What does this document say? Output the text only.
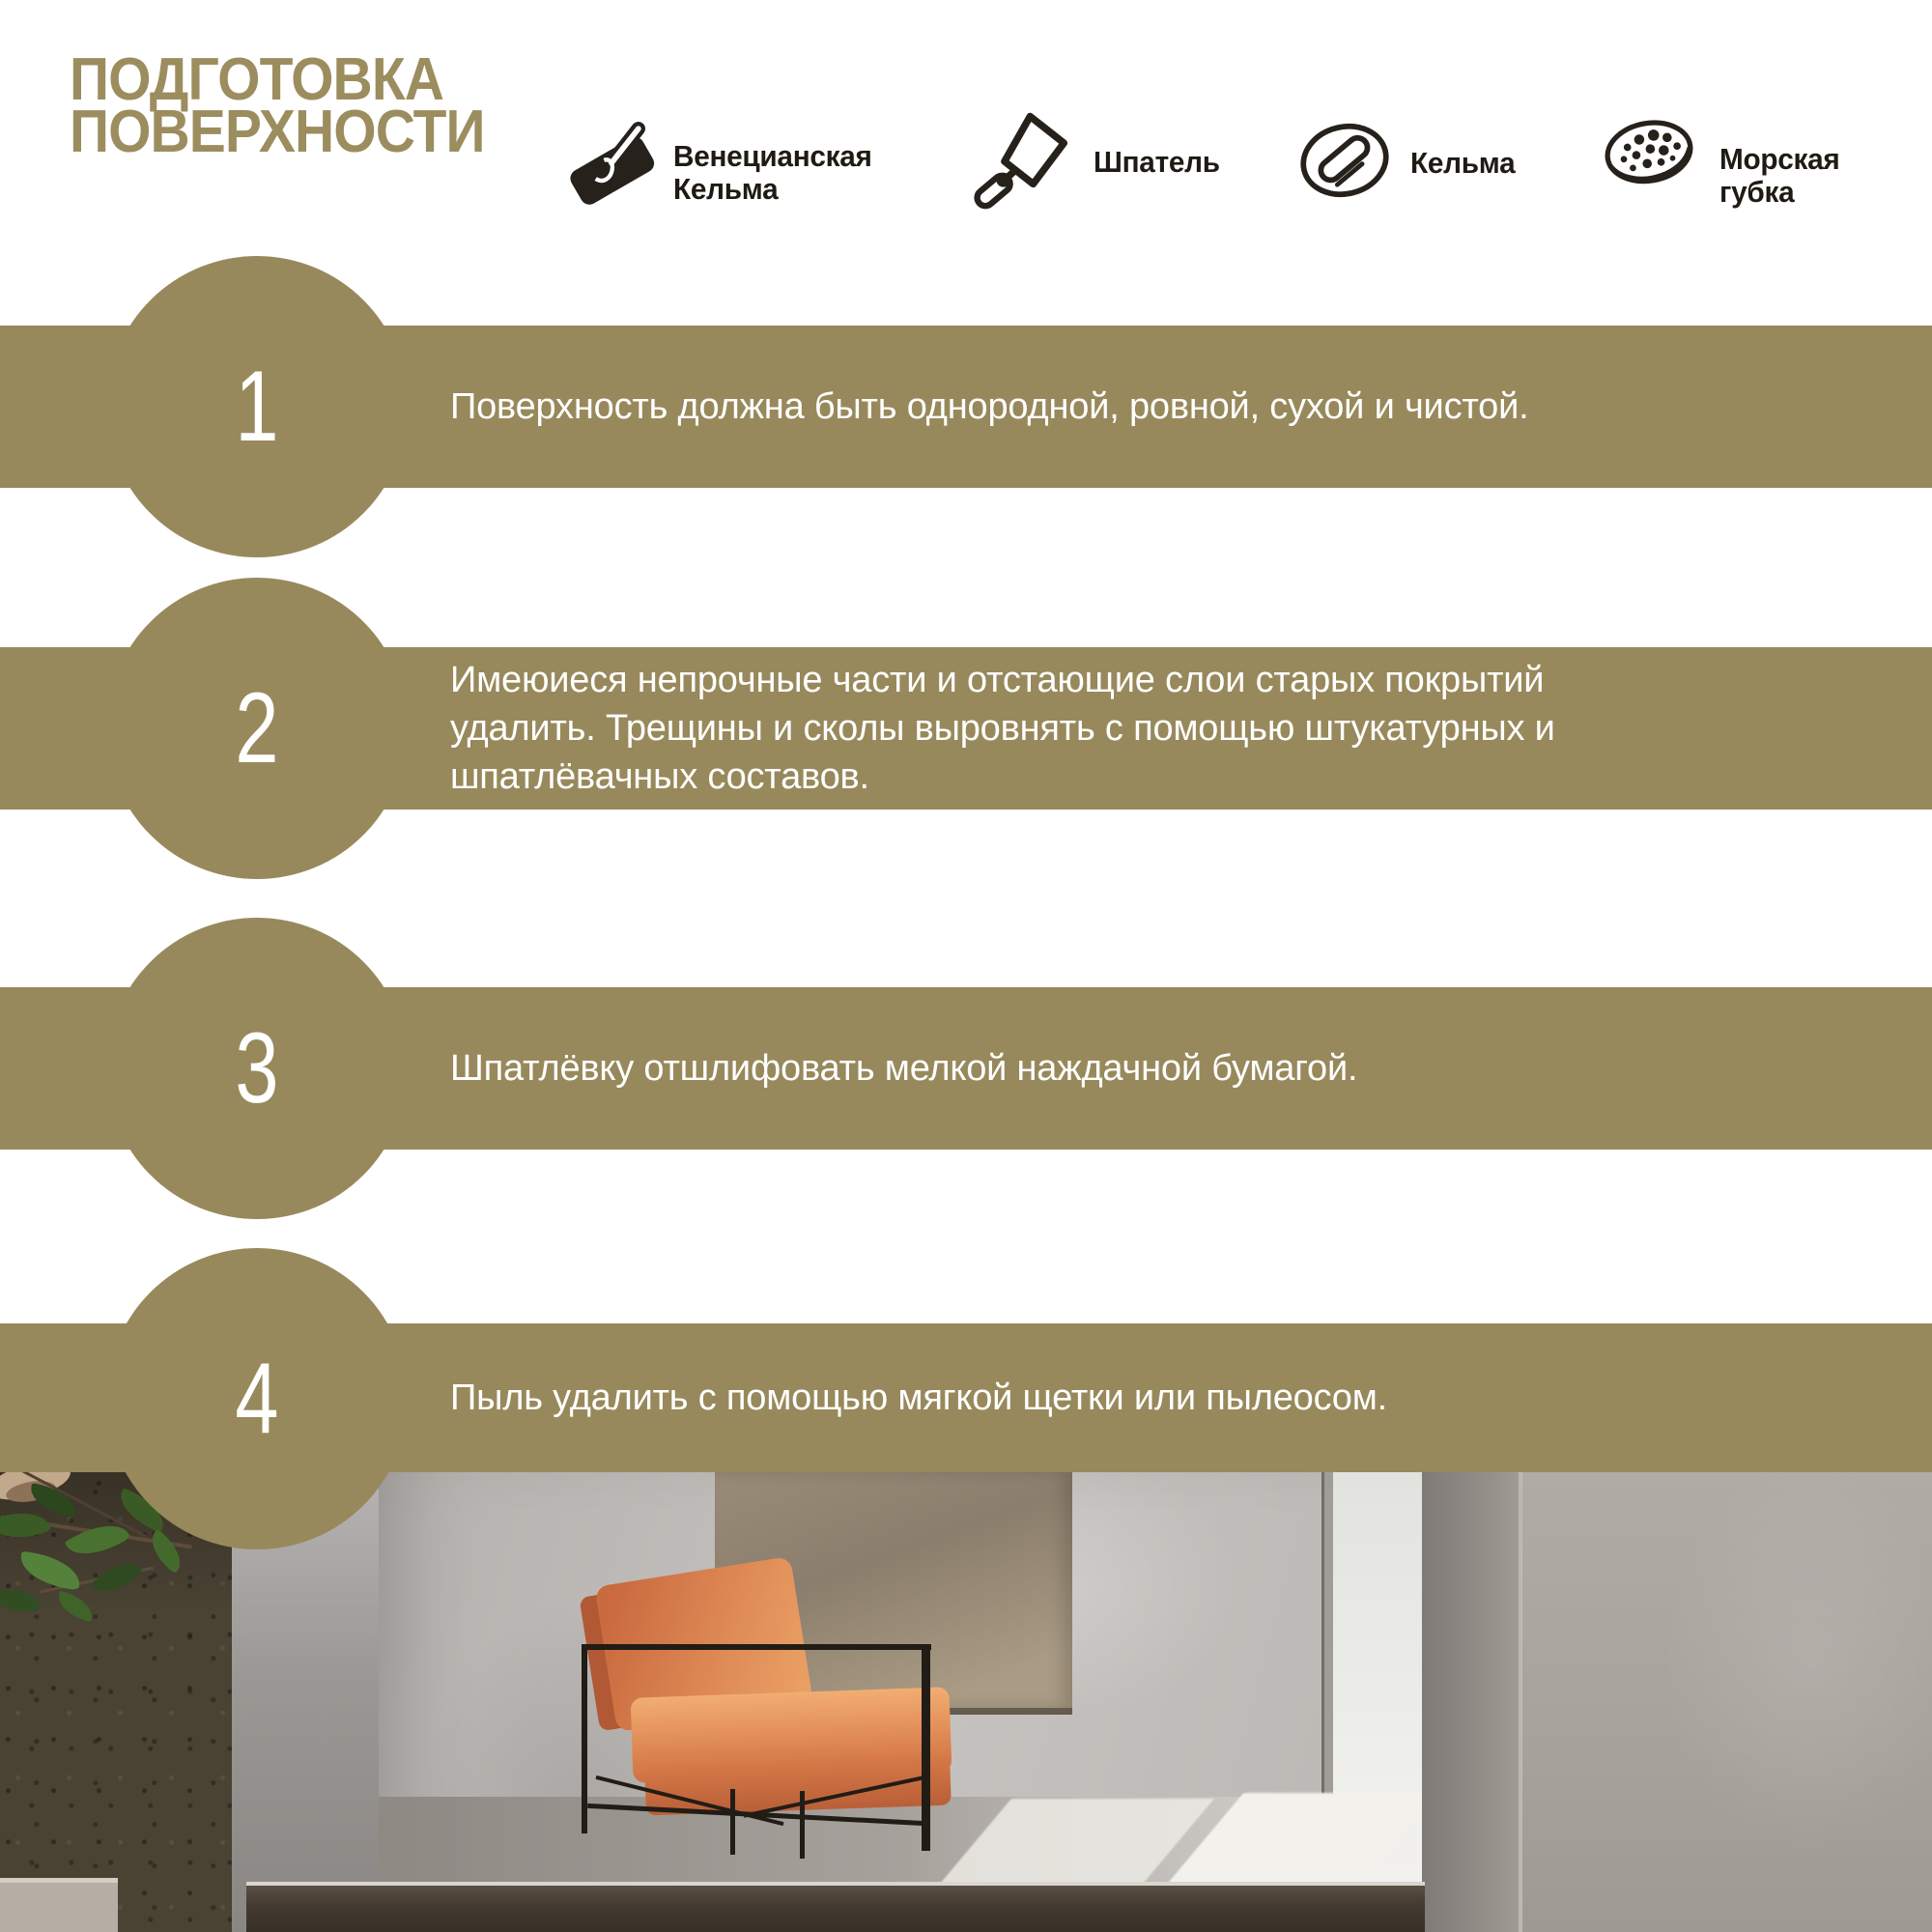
ПОДГОТОВКА
ПОВЕРХНОСТИ	Венецианская
Кельма
Шпатель	Кельма	Морская
губка
1
2
3
4
Поверхность должна быть однородной, ровной, сухой и чистой.
Имеюиеся непрочные части и отстающие слои старых покрытий удалить. Трещины и сколы выровнять с помощью штукатурных и шпатлёвачных составов.
Шпатлёвку отшлифовать мелкой наждачной бумагой.
Пыль удалить с помощью мягкой щетки или пылеосом.
